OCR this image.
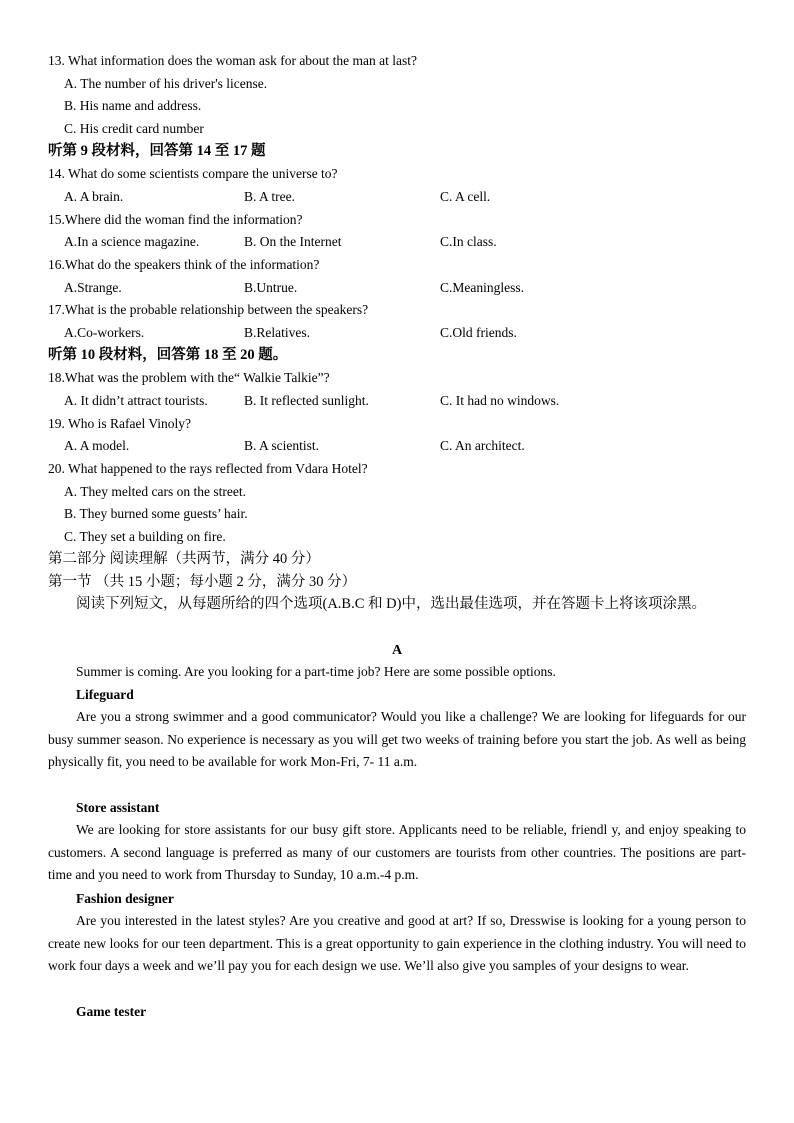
13. What information does the woman ask for about the man at last?
A. The number of his driver's license.
B. His name and address.
C. His credit card number
听第 9 段材料，回答第 14 至 17 题
14. What do some scientists compare the universe to?
A. A brain.	B. A tree.	C. A cell.
15.Where did the woman find the information?
A.In a science magazine.	B. On the Internet	C.In class.
16.What do the speakers think of the information?
A.Strange.	B.Untrue.	C.Meaningless.
17.What is the probable relationship between the speakers?
A.Co-workers.	B.Relatives.	C.Old friends.
听第 10 段材料，回答第 18 至 20 题。
18.What was the problem with the“ Walkie Talkie”?
A. It didn’t attract tourists.	B. It reflected sunlight.	C. It had no windows.
19. Who is Rafael Vinoly?
A. A model.	B. A scientist.	C. An architect.
20. What happened to the rays reflected from Vdara Hotel?
A. They melted cars on the street.
B. They burned some guests’ hair.
C. They set a building on fire.
第二部分 阅读理解（共两节，满分 40 分）
第一节 （共 15 小题；每小题 2 分，满分 30 分）
阅读下列短文，从每题所给的四个选项(A.B.C 和 D)中，选出最佳选项，并在答题卡上将该项涂黑。
A
Summer is coming. Are you looking for a part-time job? Here are some possible options.
Lifeguard
Are you a strong swimmer and a good communicator? Would you like a challenge? We are looking for lifeguards for our busy summer season. No experience is necessary as you will get two weeks of training before you start the job. As well as being physically fit, you need to be available for work Mon-Fri, 7- 11 a.m.
Store assistant
We are looking for store assistants for our busy gift store. Applicants need to be reliable, friendl y, and enjoy speaking to customers. A second language is preferred as many of our customers are tourists from other countries. The positions are part-time and you need to work from Thursday to Sunday, 10 a.m.-4 p.m.
Fashion designer
Are you interested in the latest styles? Are you creative and good at art? If so, Dresswise is looking for a young person to create new looks for our teen department. This is a great opportunity to gain experience in the clothing industry. You will need to work four days a week and we’ll pay you for each design we use. We’ll also give you samples of your designs to wear.
Game tester
